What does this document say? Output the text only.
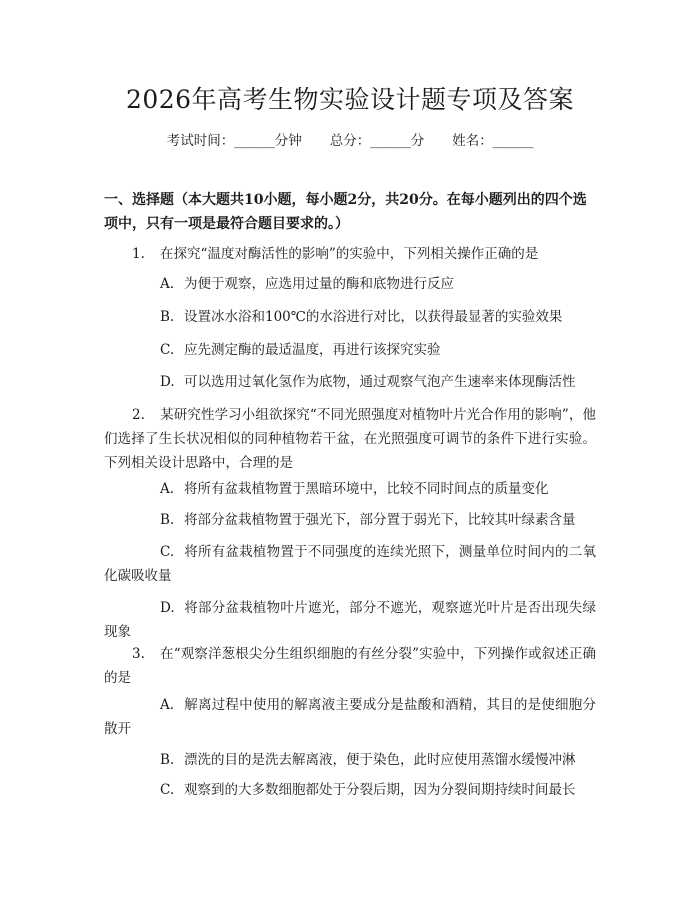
2026年高考生物实验设计题专项及答案
考试时间：______分钟 总分：______分 姓名：______
一、选择题（本大题共10小题，每小题2分，共20分。在每小题列出的四个选项中，只有一项是最符合题目要求的。）
1. 在探究“温度对酶活性的影响”的实验中，下列相关操作正确的是
A. 为便于观察，应选用过量的酶和底物进行反应
B. 设置冰水浴和100℃的水浴进行对比，以获得最显著的实验效果
C. 应先测定酶的最适温度，再进行该探究实验
D. 可以选用过氧化氢作为底物，通过观察气泡产生速率来体现酶活性
2. 某研究性学习小组欲探究“不同光照强度对植物叶片光合作用的影响”，他们选择了生长状况相似的同种植物若干盆，在光照强度可调节的条件下进行实验。下列相关设计思路中，合理的是
A. 将所有盆栽植物置于黑暗环境中，比较不同时间点的质量变化
B. 将部分盆栽植物置于强光下，部分置于弱光下，比较其叶绿素含量
C. 将所有盆栽植物置于不同强度的连续光照下，测量单位时间内的二氧化碳吸收量
D. 将部分盆栽植物叶片遮光，部分不遮光，观察遮光叶片是否出现失绿现象
3. 在“观察洋葱根尖分生组织细胞的有丝分裂”实验中，下列操作或叙述正确的是
A. 解离过程中使用的解离液主要成分是盐酸和酒精，其目的是使细胞分散开
B. 漂洗的目的是洗去解离液，便于染色，此时应使用蒸馏水缓慢冲淋
C. 观察到的大多数细胞都处于分裂后期，因为分裂间期持续时间最长
